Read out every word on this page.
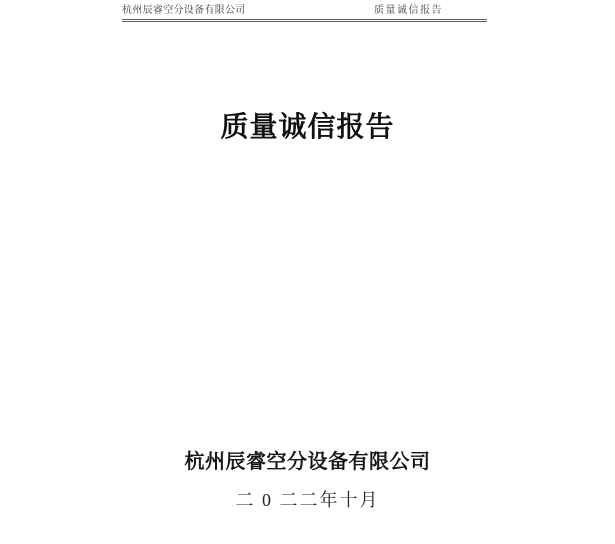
杭州辰睿空分设备有限公司	质量诚信报告
质量诚信报告

杭州辰睿空分设备有限公司

二 0 二二年十月
